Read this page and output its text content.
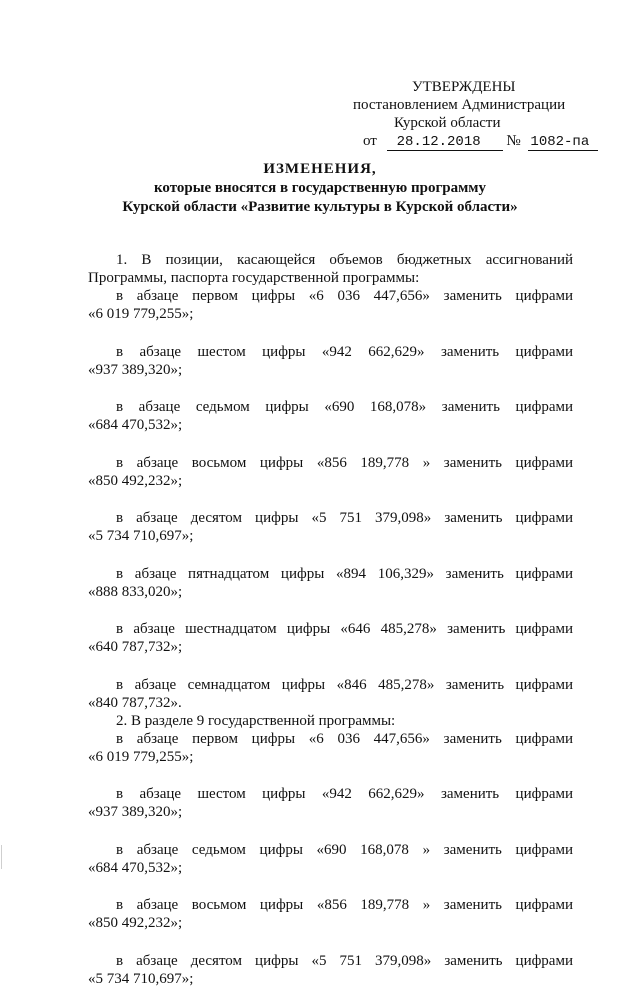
УТВЕРЖДЕНЫ
постановлением Администрации
Курской области
от 28.12.2018 № 1082-па
ИЗМЕНЕНИЯ,
которые вносятся в государственную программу
Курской области «Развитие культуры в Курской области»
1. В позиции, касающейся объемов бюджетных ассигнований
Программы, паспорта государственной программы:
в абзаце первом цифры «6 036 447,656» заменить цифрами
«6 019 779,255»;
в абзаце шестом цифры «942 662,629» заменить цифрами
«937 389,320»;
в абзаце седьмом цифры «690 168,078» заменить цифрами
«684 470,532»;
в абзаце восьмом цифры «856 189,778 » заменить цифрами
«850 492,232»;
в абзаце десятом цифры «5 751 379,098» заменить цифрами
«5 734 710,697»;
в абзаце пятнадцатом цифры «894 106,329» заменить цифрами
«888 833,020»;
в абзаце шестнадцатом цифры «646 485,278» заменить цифрами
«640 787,732»;
в абзаце семнадцатом цифры «846 485,278» заменить цифрами
«840 787,732».
2. В разделе 9 государственной программы:
в абзаце первом цифры «6 036 447,656» заменить цифрами
«6 019 779,255»;
в абзаце шестом цифры «942 662,629» заменить цифрами
«937 389,320»;
в абзаце седьмом цифры «690 168,078 » заменить цифрами
«684 470,532»;
в абзаце восьмом цифры «856 189,778 » заменить цифрами
«850 492,232»;
в абзаце десятом цифры «5 751 379,098» заменить цифрами
«5 734 710,697»;
